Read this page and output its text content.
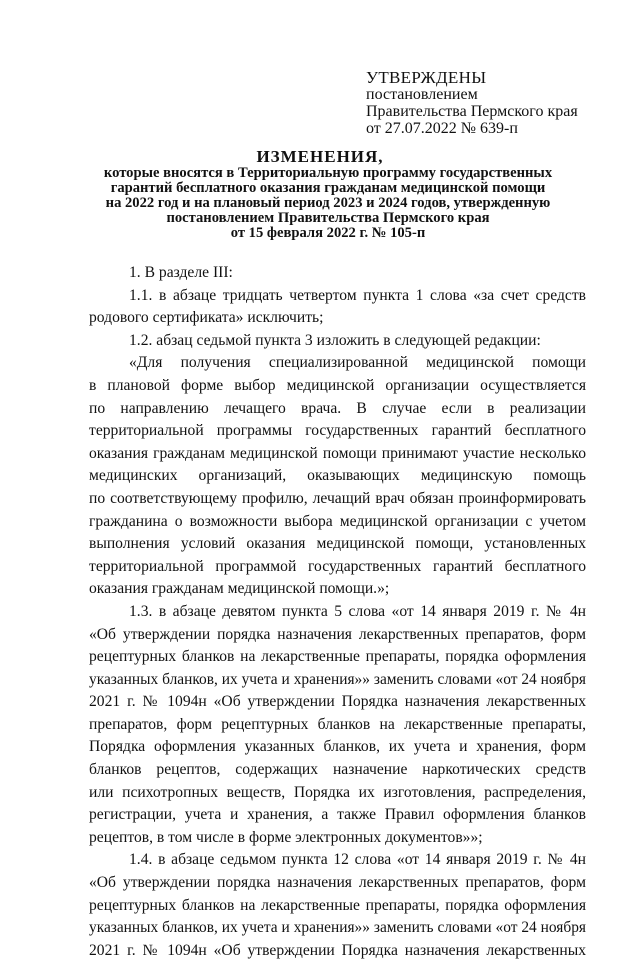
УТВЕРЖДЕНЫ
постановлением
Правительства Пермского края
от 27.07.2022 № 639-п
ИЗМЕНЕНИЯ,
которые вносятся в Территориальную программу государственных
гарантий бесплатного оказания гражданам медицинской помощи
на 2022 год и на плановый период 2023 и 2024 годов, утвержденную
постановлением Правительства Пермского края
от 15 февраля 2022 г. № 105-п
1. В разделе III:
1.1. в абзаце тридцать четвертом пункта 1 слова «за счет средств
родового сертификата» исключить;
1.2. абзац седьмой пункта 3 изложить в следующей редакции:
«Для получения специализированной медицинской помощи
в плановой форме выбор медицинской организации осуществляется
по направлению лечащего врача. В случае если в реализации
территориальной программы государственных гарантий бесплатного
оказания гражданам медицинской помощи принимают участие несколько
медицинских организаций, оказывающих медицинскую помощь
по соответствующему профилю, лечащий врач обязан проинформировать
гражданина о возможности выбора медицинской организации с учетом
выполнения условий оказания медицинской помощи, установленных
территориальной программой государственных гарантий бесплатного
оказания гражданам медицинской помощи.»;
1.3. в абзаце девятом пункта 5 слова «от 14 января 2019 г. № 4н
«Об утверждении порядка назначения лекарственных препаратов, форм
рецептурных бланков на лекарственные препараты, порядка оформления
указанных бланков, их учета и хранения»» заменить словами «от 24 ноября
2021 г. № 1094н «Об утверждении Порядка назначения лекарственных
препаратов, форм рецептурных бланков на лекарственные препараты,
Порядка оформления указанных бланков, их учета и хранения, форм
бланков рецептов, содержащих назначение наркотических средств
или психотропных веществ, Порядка их изготовления, распределения,
регистрации, учета и хранения, а также Правил оформления бланков
рецептов, в том числе в форме электронных документов»»;
1.4. в абзаце седьмом пункта 12 слова «от 14 января 2019 г. № 4н
«Об утверждении порядка назначения лекарственных препаратов, форм
рецептурных бланков на лекарственные препараты, порядка оформления
указанных бланков, их учета и хранения»» заменить словами «от 24 ноября
2021 г. № 1094н «Об утверждении Порядка назначения лекарственных
